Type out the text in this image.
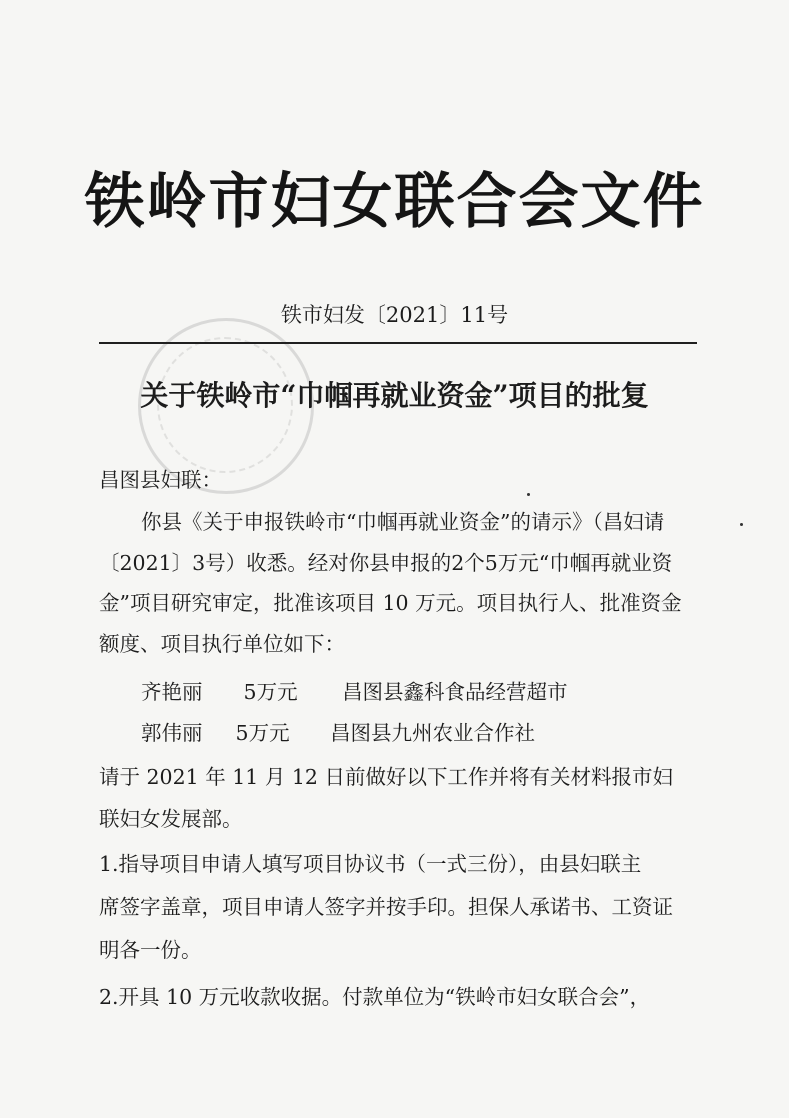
铁岭市妇女联合会文件
铁市妇发〔2021〕11号
关于铁岭市“巾帼再就业资金”项目的批复
昌图县妇联：
你县《关于申报铁岭市“巾帼再就业资金”的请示》（昌妇请
〔2021〕3号）收悉。经对你县申报的2个5万元“巾帼再就业资
金”项目研究审定，批准该项目 10 万元。项目执行人、批准资金
额度、项目执行单位如下：
齐艳丽 5万元 昌图县鑫科食品经营超市
郭伟丽 5万元 昌图县九州农业合作社
请于 2021 年 11 月 12 日前做好以下工作并将有关材料报市妇
联妇女发展部。
1.指导项目申请人填写项目协议书（一式三份），由县妇联主
席签字盖章，项目申请人签字并按手印。担保人承诺书、工资证
明各一份。
2.开具 10 万元收款收据。付款单位为“铁岭市妇女联合会”，
